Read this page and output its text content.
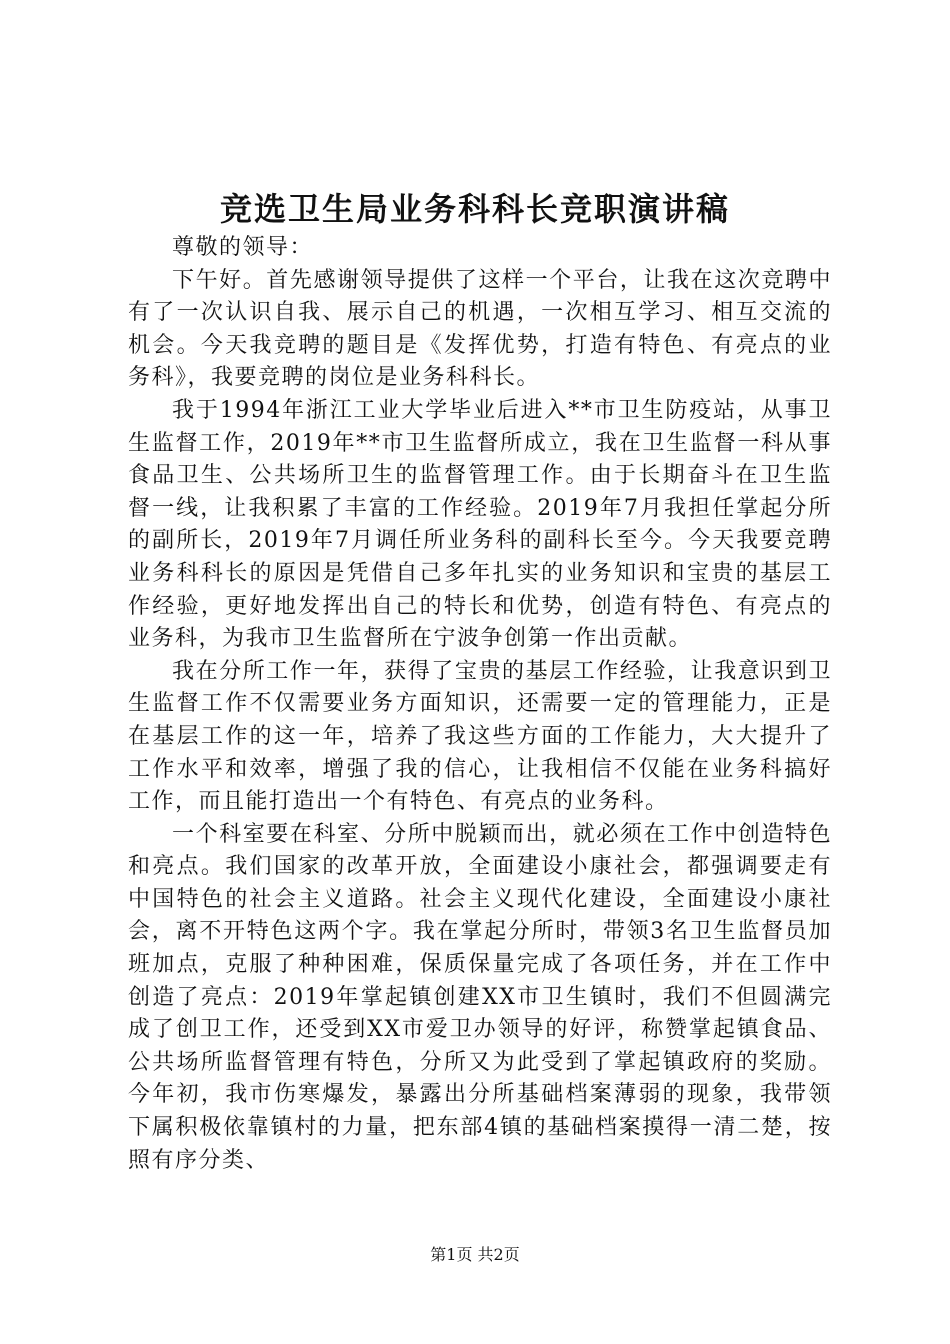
竞选卫生局业务科科长竞职演讲稿

尊敬的领导：

下午好。首先感谢领导提供了这样一个平台，让我在这次竞聘中有了一次认识自我、展示自己的机遇，一次相互学习、相互交流的机会。今天我竞聘的题目是《发挥优势，打造有特色、有亮点的业务科》，我要竞聘的岗位是业务科科长。

我于1994年浙江工业大学毕业后进入**市卫生防疫站，从事卫生监督工作，2019年**市卫生监督所成立，我在卫生监督一科从事食品卫生、公共场所卫生的监督管理工作。由于长期奋斗在卫生监督一线，让我积累了丰富的工作经验。2019年7月我担任掌起分所的副所长，2019年7月调任所业务科的副科长至今。今天我要竞聘业务科科长的原因是凭借自己多年扎实的业务知识和宝贵的基层工作经验，更好地发挥出自己的特长和优势，创造有特色、有亮点的业务科，为我市卫生监督所在宁波争创第一作出贡献。

我在分所工作一年，获得了宝贵的基层工作经验，让我意识到卫生监督工作不仅需要业务方面知识，还需要一定的管理能力，正是在基层工作的这一年，培养了我这些方面的工作能力，大大提升了工作水平和效率，增强了我的信心，让我相信不仅能在业务科搞好工作，而且能打造出一个有特色、有亮点的业务科。

一个科室要在科室、分所中脱颖而出，就必须在工作中创造特色和亮点。我们国家的改革开放，全面建设小康社会，都强调要走有中国特色的社会主义道路。社会主义现代化建设，全面建设小康社会，离不开特色这两个字。我在掌起分所时，带领3名卫生监督员加班加点，克服了种种困难，保质保量完成了各项任务，并在工作中创造了亮点：2019年掌起镇创建XX市卫生镇时，我们不但圆满完成了创卫工作，还受到XX市爱卫办领导的好评，称赞掌起镇食品、公共场所监督管理有特色，分所又为此受到了掌起镇政府的奖励。今年初，我市伤寒爆发，暴露出分所基础档案薄弱的现象，我带领下属积极依靠镇村的力量，把东部4镇的基础档案摸得一清二楚，按照有序分类、

第1页 共2页
